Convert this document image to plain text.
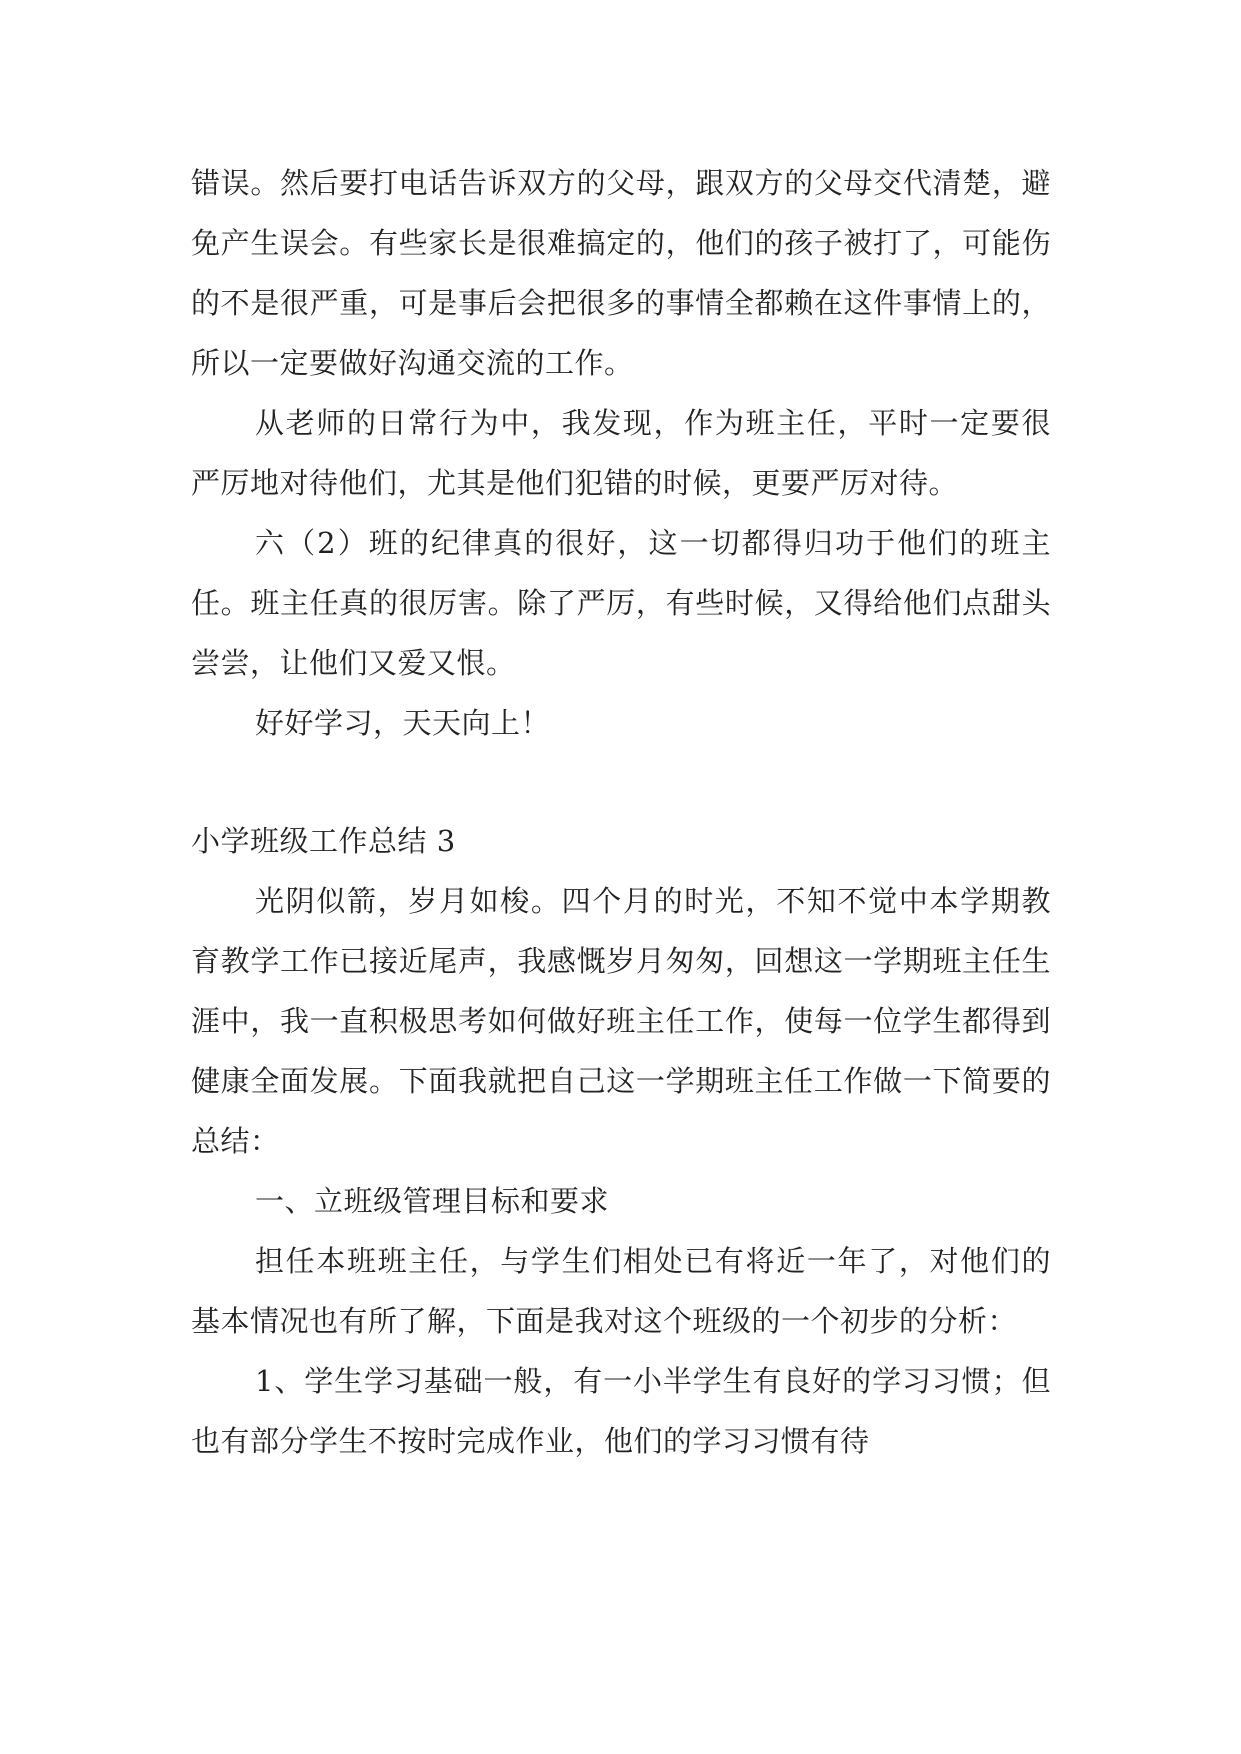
错误。然后要打电话告诉双方的父母，跟双方的父母交代清楚，避免产生误会。有些家长是很难搞定的，他们的孩子被打了，可能伤的不是很严重，可是事后会把很多的事情全都赖在这件事情上的，所以一定要做好沟通交流的工作。

从老师的日常行为中，我发现，作为班主任，平时一定要很严厉地对待他们，尤其是他们犯错的时候，更要严厉对待。

六（2）班的纪律真的很好，这一切都得归功于他们的班主任。班主任真的很厉害。除了严厉，有些时候，又得给他们点甜头尝尝，让他们又爱又恨。

好好学习，天天向上！

小学班级工作总结 3

光阴似箭，岁月如梭。四个月的时光，不知不觉中本学期教育教学工作已接近尾声，我感慨岁月匆匆，回想这一学期班主任生涯中，我一直积极思考如何做好班主任工作，使每一位学生都得到健康全面发展。下面我就把自己这一学期班主任工作做一下简要的总结：

一、立班级管理目标和要求

担任本班班主任，与学生们相处已有将近一年了，对他们的基本情况也有所了解，下面是我对这个班级的一个初步的分析：

1、学生学习基础一般，有一小半学生有良好的学习习惯；但也有部分学生不按时完成作业，他们的学习习惯有待
